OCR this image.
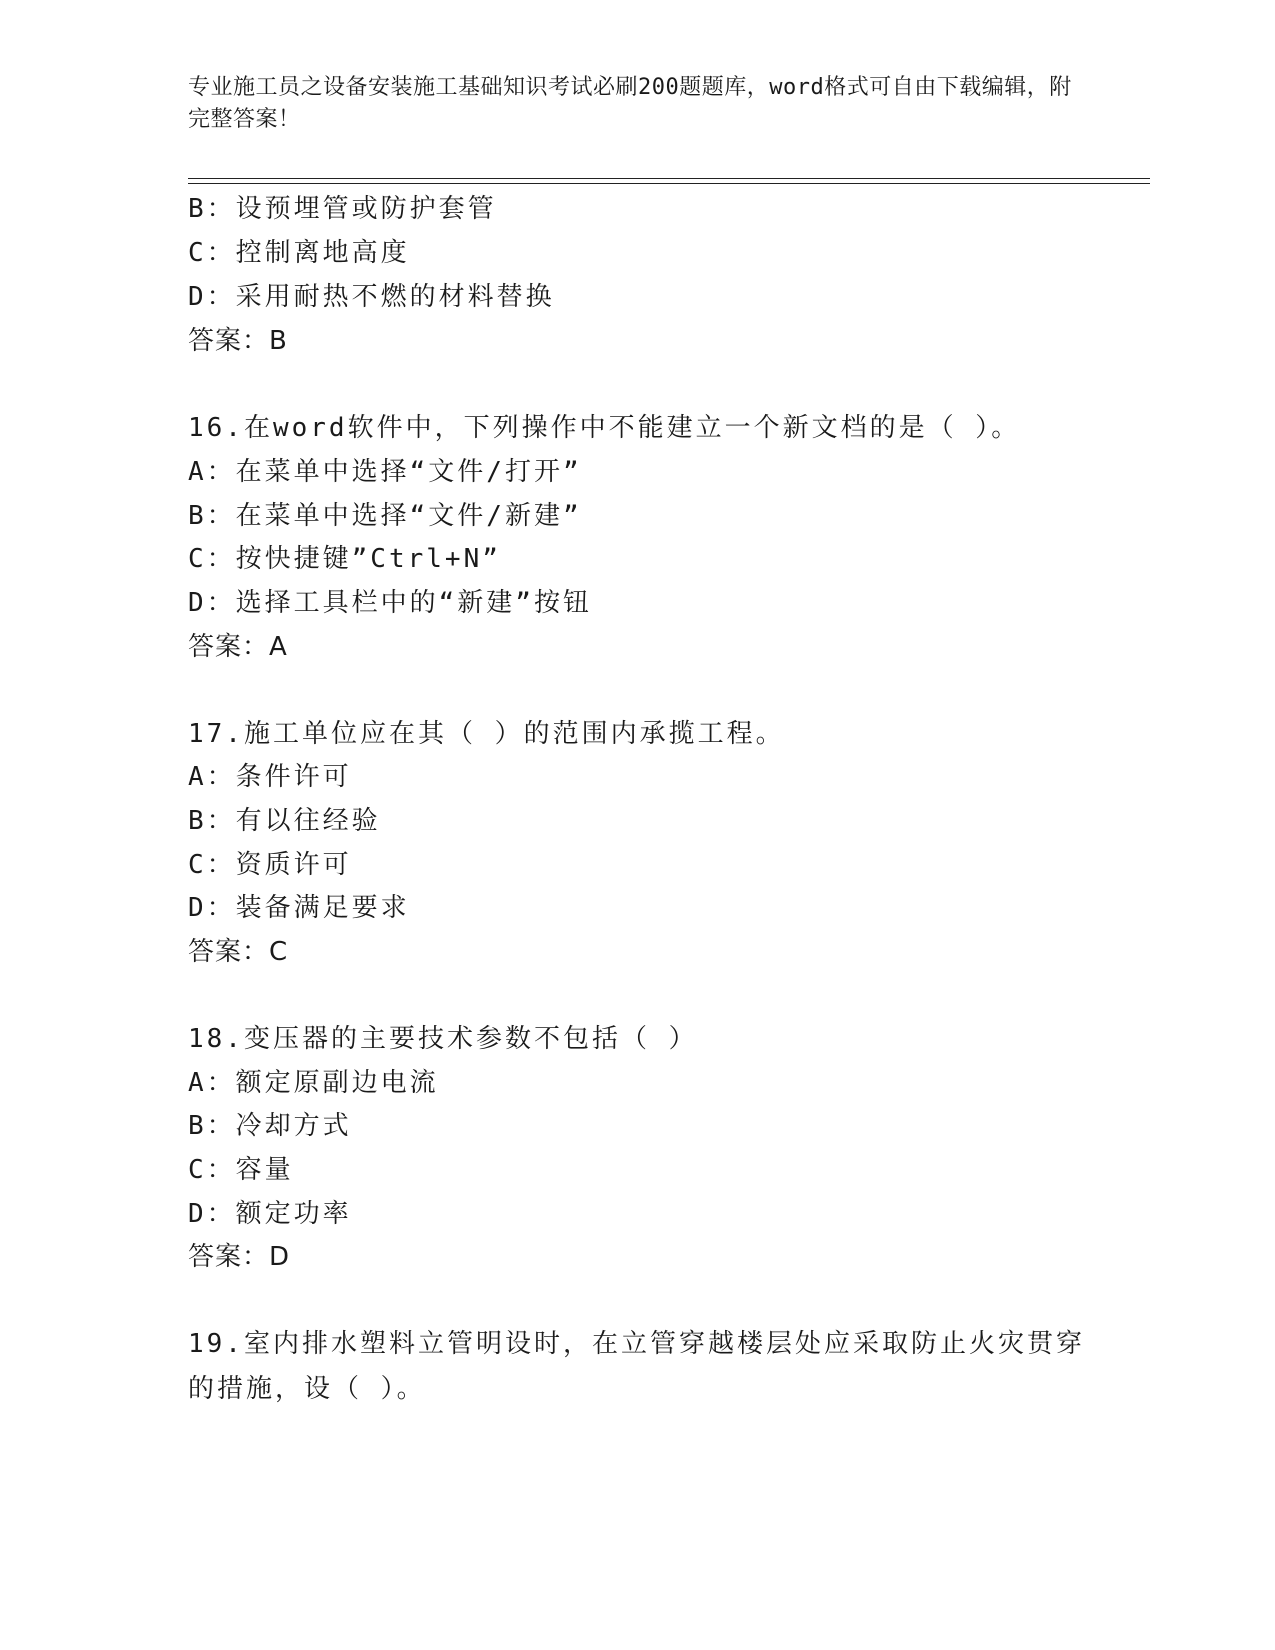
专业施工员之设备安装施工基础知识考试必刷200题题库，word格式可自由下载编辑，附完整答案！
B：设预埋管或防护套管
C：控制离地高度
D：采用耐热不燃的材料替换
答案：B
16.在word软件中，下列操作中不能建立一个新文档的是（ ）。
A：在菜单中选择“文件/打开”
B：在菜单中选择“文件/新建”
C：按快捷键”Ctrl+N”
D：选择工具栏中的“新建”按钮
答案：A
17.施工单位应在其（ ）的范围内承揽工程。
A：条件许可
B：有以往经验
C：资质许可
D：装备满足要求
答案：C
18.变压器的主要技术参数不包括（ ）
A：额定原副边电流
B：冷却方式
C：容量
D：额定功率
答案：D
19.室内排水塑料立管明设时，在立管穿越楼层处应采取防止火灾贯穿的措施，设（ ）。
